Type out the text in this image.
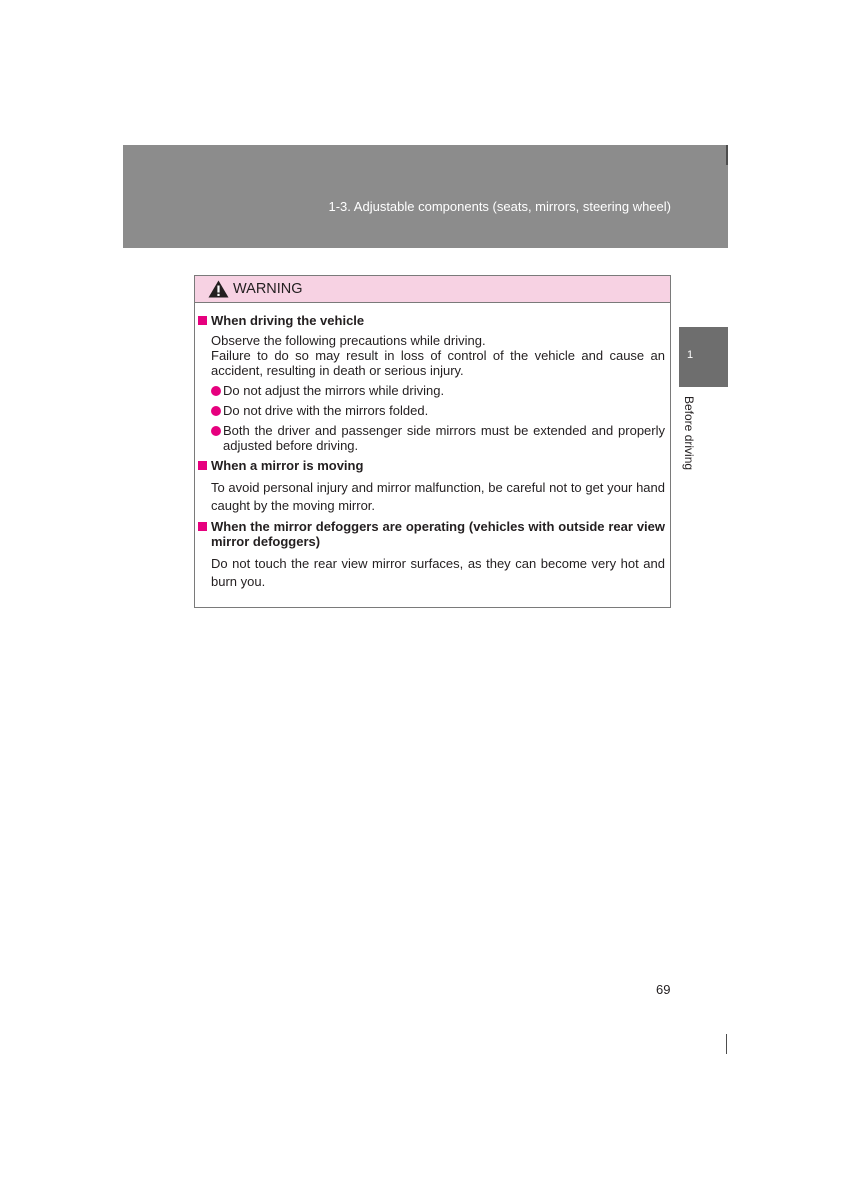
1-3. Adjustable components (seats, mirrors, steering wheel)
1
Before driving
WARNING
When driving the vehicle
Observe the following precautions while driving.
Failure to do so may result in loss of control of the vehicle and cause an accident, resulting in death or serious injury.
Do not adjust the mirrors while driving.
Do not drive with the mirrors folded.
Both the driver and passenger side mirrors must be extended and properly adjusted before driving.
When a mirror is moving
To avoid personal injury and mirror malfunction, be careful not to get your hand caught by the moving mirror.
When the mirror defoggers are operating (vehicles with outside rear view mirror defoggers)
Do not touch the rear view mirror surfaces, as they can become very hot and burn you.
69
